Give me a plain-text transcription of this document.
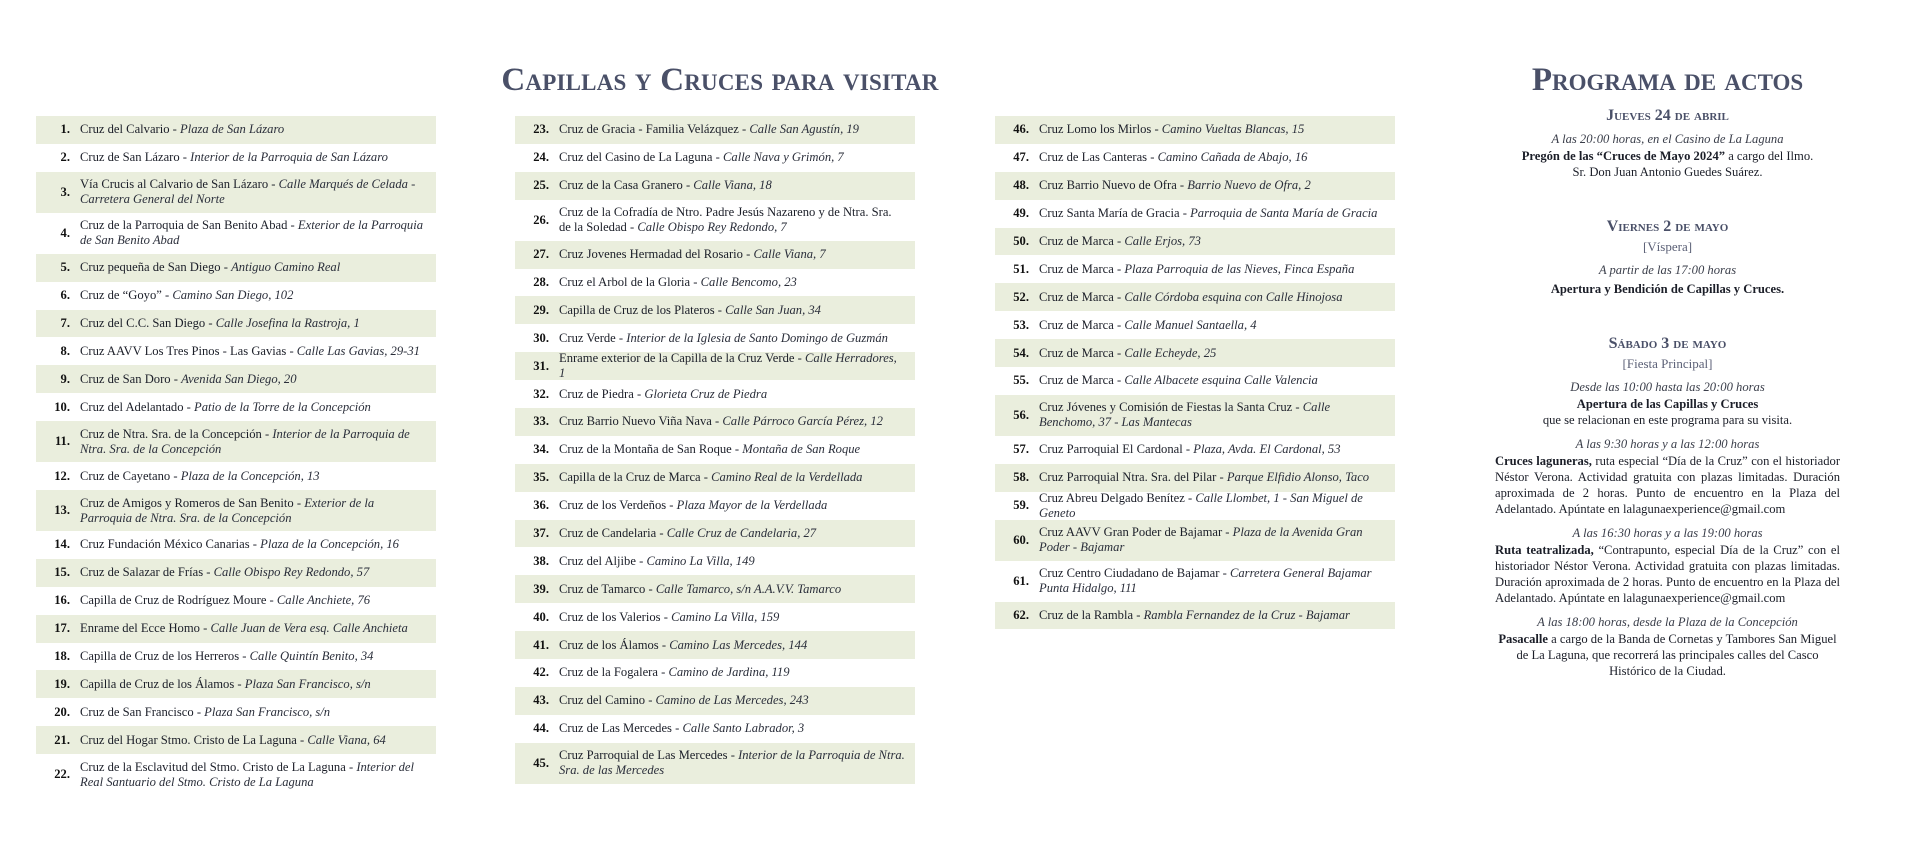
Capillas y Cruces para visitar
1. Cruz del Calvario - Plaza de San Lázaro
2. Cruz de San Lázaro - Interior de la Parroquia de San Lázaro
3.
Vía Crucis al Calvario de San Lázaro - Calle Marqués de Celada - Carretera General del Norte
4.
Cruz de la Parroquia de San Benito Abad - Exterior de la Parroquia de San Benito Abad
5. Cruz pequeña de San Diego - Antiguo Camino Real
6. Cruz de “Goyo” - Camino San Diego, 102
7. Cruz del C.C. San Diego - Calle Josefina la Rastroja, 1
8. Cruz AAVV Los Tres Pinos - Las Gavias - Calle Las Gavias, 29-31
9. Cruz de San Doro - Avenida San Diego, 20
10. Cruz del Adelantado - Patio de la Torre de la Concepción
11.
Cruz de Ntra. Sra. de la Concepción - Interior de la Parroquia de Ntra. Sra. de la Concepción
12. Cruz de Cayetano - Plaza de la Concepción, 13
13.
Cruz de Amigos y Romeros de San Benito - Exterior de la Parroquia de Ntra. Sra. de la Concepción
14. Cruz Fundación México Canarias - Plaza de la Concepción, 16
15. Cruz de Salazar de Frías - Calle Obispo Rey Redondo, 57
16. Capilla de Cruz de Rodríguez Moure - Calle Anchiete, 76
17. Enrame del Ecce Homo - Calle Juan de Vera esq. Calle Anchieta
18. Capilla de Cruz de los Herreros - Calle Quintín Benito, 34
19. Capilla de Cruz de los Álamos - Plaza San Francisco, s/n
20. Cruz de San Francisco - Plaza San Francisco, s/n
21. Cruz del Hogar Stmo. Cristo de La Laguna - Calle Viana, 64
22.
Cruz de la Esclavitud del Stmo. Cristo de La Laguna - Interior del Real Santuario del Stmo. Cristo de La Laguna
23. Cruz de Gracia - Familia Velázquez - Calle San Agustín, 19
24. Cruz del Casino de La Laguna - Calle Nava y Grimón, 7
25. Cruz de la Casa Granero - Calle Viana, 18
26.
Cruz de la Cofradía de Ntro. Padre Jesús Nazareno y de Ntra. Sra. de la Soledad - Calle Obispo Rey Redondo, 7
27. Cruz Jovenes Hermadad del Rosario - Calle Viana, 7
28. Cruz el Arbol de la Gloria - Calle Bencomo, 23
29. Capilla de Cruz de los Plateros - Calle San Juan, 34
30. Cruz Verde - Interior de la Iglesia de Santo Domingo de Guzmán
31.
Enrame exterior de la Capilla de la Cruz Verde - Calle Herradores, 1
32. Cruz de Piedra - Glorieta Cruz de Piedra
33. Cruz Barrio Nuevo Viña Nava - Calle Párroco García Pérez, 12
34. Cruz de la Montaña de San Roque - Montaña de San Roque
35. Capilla de la Cruz de Marca - Camino Real de la Verdellada
36. Cruz de los Verdeños - Plaza Mayor de la Verdellada
37. Cruz de Candelaria - Calle Cruz de Candelaria, 27
38. Cruz del Aljibe - Camino La Villa, 149
39. Cruz de Tamarco - Calle Tamarco, s/n A.A.V.V. Tamarco
40. Cruz de los Valerios - Camino La Villa, 159
41. Cruz de los Álamos - Camino Las Mercedes, 144
42. Cruz de la Fogalera - Camino de Jardina, 119
43. Cruz del Camino - Camino de Las Mercedes, 243
44. Cruz de Las Mercedes - Calle Santo Labrador, 3
45.
Cruz Parroquial de Las Mercedes - Interior de la Parroquia de Ntra. Sra. de las Mercedes
46. Cruz Lomo los Mirlos - Camino Vueltas Blancas, 15
47. Cruz de Las Canteras - Camino Cañada de Abajo, 16
48. Cruz Barrio Nuevo de Ofra - Barrio Nuevo de Ofra, 2
49. Cruz Santa María de Gracia - Parroquia de Santa María de Gracia
50. Cruz de Marca - Calle Erjos, 73
51. Cruz de Marca - Plaza Parroquia de las Nieves, Finca España
52. Cruz de Marca - Calle Córdoba esquina con Calle Hinojosa
53. Cruz de Marca - Calle Manuel Santaella, 4
54. Cruz de Marca - Calle Echeyde, 25
55. Cruz de Marca - Calle Albacete esquina Calle Valencia
56.
Cruz Jóvenes y Comisión de Fiestas la Santa Cruz - Calle Benchomo, 37 - Las Mantecas
57. Cruz Parroquial El Cardonal - Plaza, Avda. El Cardonal, 53
58. Cruz Parroquial Ntra. Sra. del Pilar - Parque Elfidio Alonso, Taco
59.
Cruz Abreu Delgado Benítez - Calle Llombet, 1 - San Miguel de Geneto
60.
Cruz AAVV Gran Poder de Bajamar - Plaza de la Avenida Gran Poder - Bajamar
61.
Cruz Centro Ciudadano de Bajamar - Carretera General Bajamar Punta Hidalgo, 111
62. Cruz de la Rambla - Rambla Fernandez de la Cruz - Bajamar
Programa de actos
Jueves 24 de abril
A las 20:00 horas, en el Casino de La Laguna
Pregón de las “Cruces de Mayo 2024” a cargo del Ilmo. Sr. Don Juan Antonio Guedes Suárez.
Viernes 2 de mayo
[Víspera]
A partir de las 17:00 horas
Apertura y Bendición de Capillas y Cruces.
Sábado 3 de mayo
[Fiesta Principal]
Desde las 10:00 hasta las 20:00 horas
Apertura de las Capillas y Cruces
que se relacionan en este programa para su visita.
A las 9:30 horas y a las 12:00 horas
Cruces laguneras, ruta especial “Día de la Cruz” con el historiador Néstor Verona. Actividad gratuita con plazas limitadas. Duración aproximada de 2 horas. Punto de encuentro en la Plaza del Adelantado. Apúntate en lalagunaexperience@gmail.com
A las 16:30 horas y a las 19:00 horas
Ruta teatralizada, “Contrapunto, especial Día de la Cruz” con el historiador Néstor Verona. Actividad gratuita con plazas limitadas. Duración aproximada de 2 horas. Punto de encuentro en la Plaza del Adelantado. Apúntate en lalagunaexperience@gmail.com
A las 18:00 horas, desde la Plaza de la Concepción
Pasacalle a cargo de la Banda de Cornetas y Tambores San Miguel de La Laguna, que recorrerá las principales calles del Casco Histórico de la Ciudad.
